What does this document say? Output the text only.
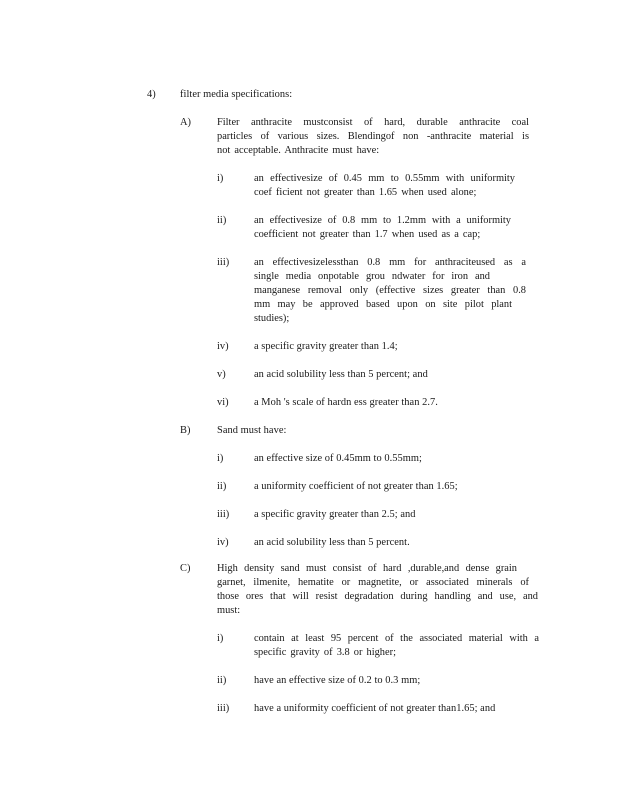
4) filter media specifications:
A) Filter anthracite mustconsist of hard, durable anthracite coal
particles of various sizes. Blendingof non -anthracite material is
not acceptable. Anthracite must have:
i)	an effectivesize of 0.45 mm to 0.55mm with uniformity
coef ficient not greater than 1.65 when used alone;
ii)	an effectivesize of 0.8 mm to 1.2mm with a uniformity
coefficient not greater than 1.7 when used as a cap;
iii) an effectivesizelessthan 0.8 mm for anthraciteused as a
single media onpotable grou ndwater for iron and
manganese removal only (effective sizes greater than 0.8
mm may be approved based upon on site pilot plant
studies);
iv) a specific gravity greater than 1.4;
v)	an acid solubility less than 5 percent; and
vi) a Moh 's scale of hardn ess greater than 2.7.
B)	Sand must have:
i)	an effective size of 0.45mm to 0.55mm;
ii)	a uniformity coefficient of not greater than 1.65;
iii) a specific gravity greater than 2.5; and
iv) an acid solubility less than 5 percent.
C)	High density sand must consist of hard ,durable,and dense grain
garnet, ilmenite, hematite or magnetite, or associated minerals of
those ores that will resist degradation during handling and use, and
must:
i)	contain at least 95 percent of the associated material with a
specific gravity of 3.8 or higher;
ii)	have an effective size of 0.2 to 0.3 mm;
iii) have a uniformity coefficient of not greater than1.65; and
